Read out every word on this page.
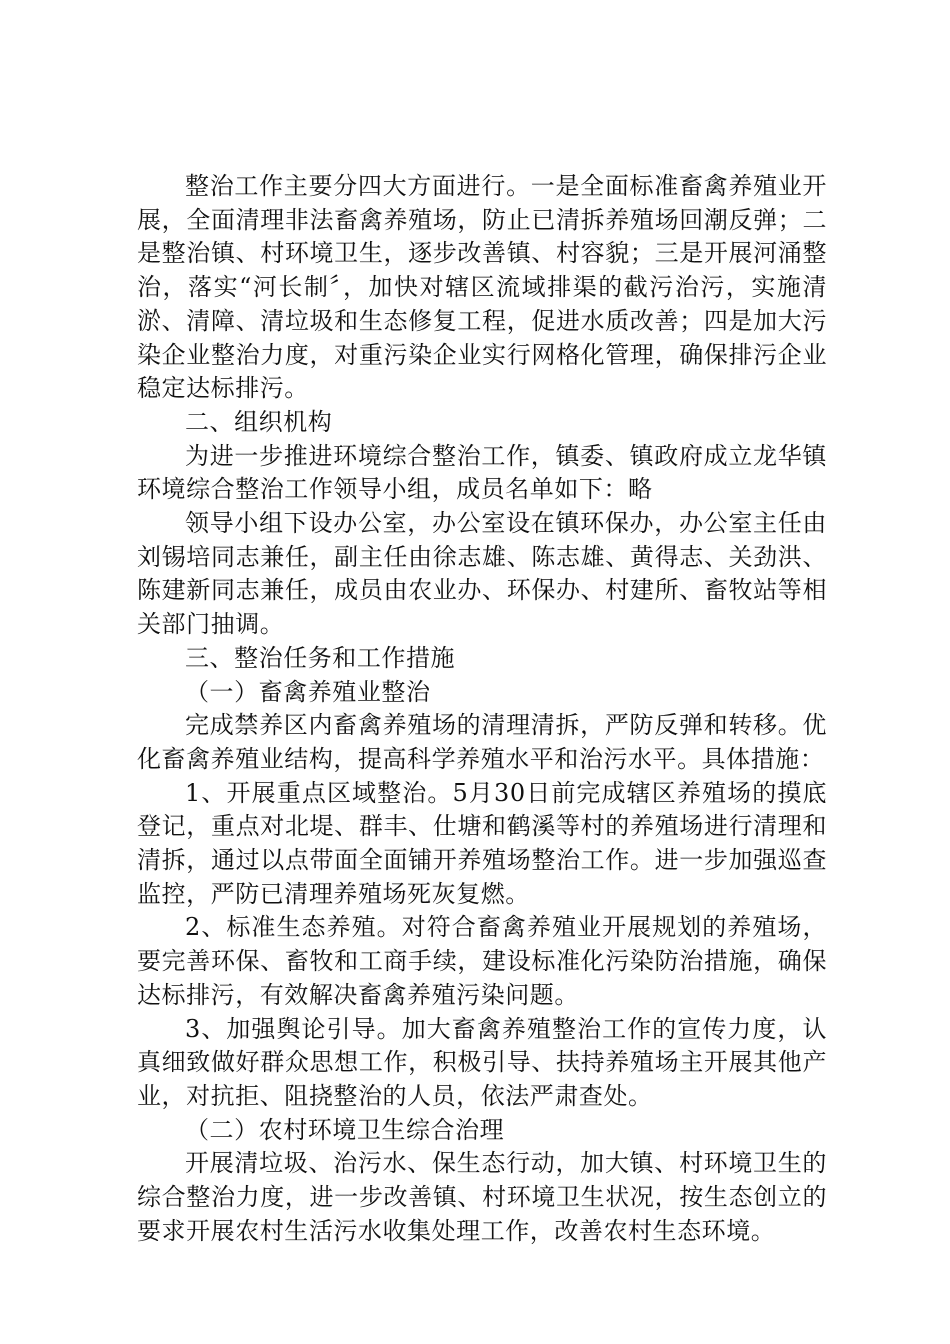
整治工作主要分四大方面进行。一是全面标准畜禽养殖业开展，全面清理非法畜禽养殖场，防止已清拆养殖场回潮反弹；二是整治镇、村环境卫生，逐步改善镇、村容貌；三是开展河涌整治，落实“河长制〞，加快对辖区流域排渠的截污治污，实施清淤、清障、清垃圾和生态修复工程，促进水质改善；四是加大污染企业整治力度，对重污染企业实行网格化管理，确保排污企业稳定达标排污。

二、组织机构

为进一步推进环境综合整治工作，镇委、镇政府成立龙华镇环境综合整治工作领导小组，成员名单如下：略

领导小组下设办公室，办公室设在镇环保办，办公室主任由刘锡培同志兼任，副主任由徐志雄、陈志雄、黄得志、关劲洪、陈建新同志兼任，成员由农业办、环保办、村建所、畜牧站等相关部门抽调。

三、整治任务和工作措施

（一）畜禽养殖业整治

完成禁养区内畜禽养殖场的清理清拆，严防反弹和转移。优化畜禽养殖业结构，提高科学养殖水平和治污水平。具体措施：

1、开展重点区域整治。5月30日前完成辖区养殖场的摸底登记，重点对北堤、群丰、仕塘和鹤溪等村的养殖场进行清理和清拆，通过以点带面全面铺开养殖场整治工作。进一步加强巡查监控，严防已清理养殖场死灰复燃。

2、标准生态养殖。对符合畜禽养殖业开展规划的养殖场，要完善环保、畜牧和工商手续，建设标准化污染防治措施，确保达标排污，有效解决畜禽养殖污染问题。

3、加强舆论引导。加大畜禽养殖整治工作的宣传力度，认真细致做好群众思想工作，积极引导、扶持养殖场主开展其他产业，对抗拒、阻挠整治的人员，依法严肃查处。

（二）农村环境卫生综合治理

开展清垃圾、治污水、保生态行动，加大镇、村环境卫生的综合整治力度，进一步改善镇、村环境卫生状况，按生态创立的要求开展农村生活污水收集处理工作，改善农村生态环境。
